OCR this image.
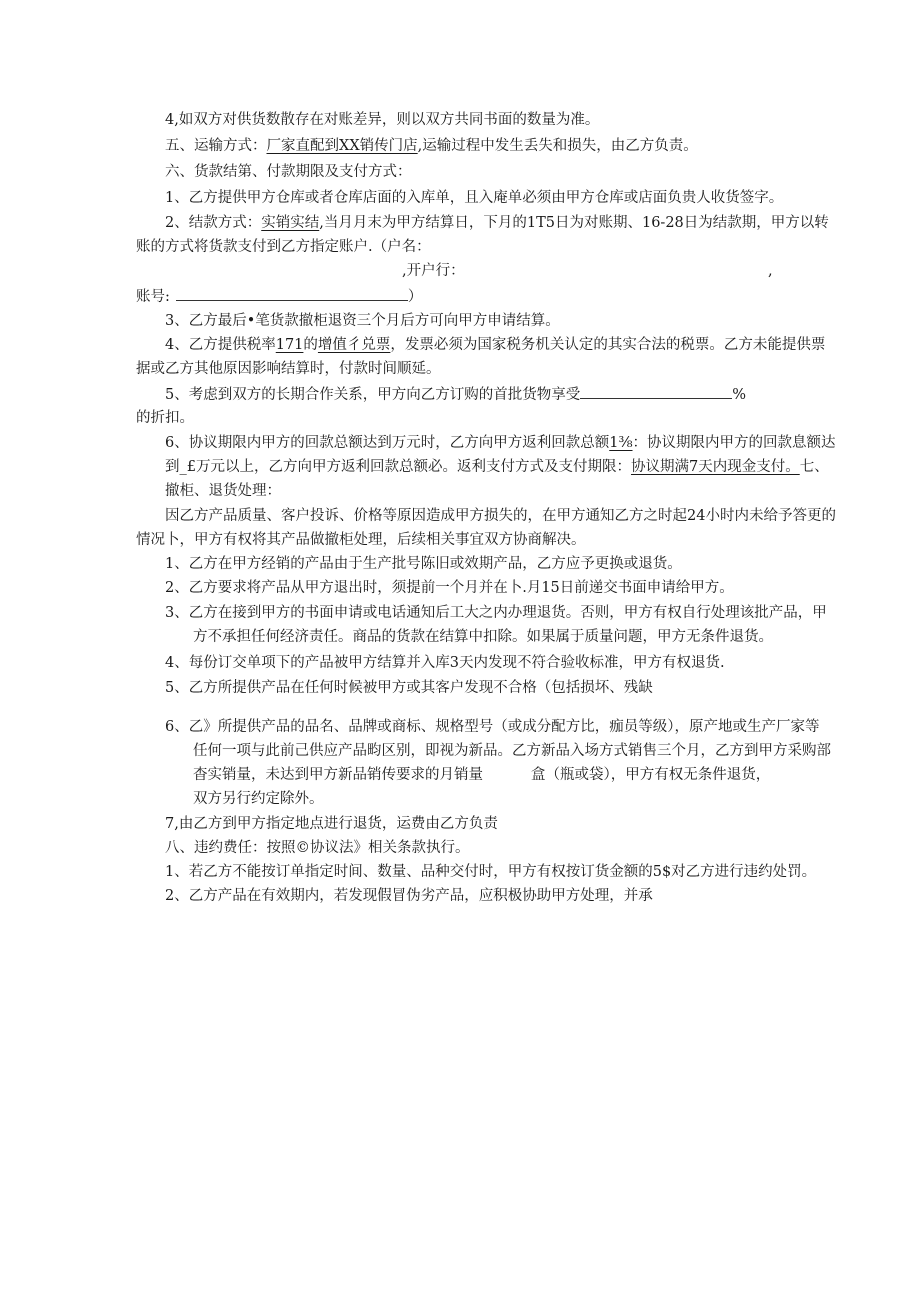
4,如双方对供货数散存在对账差异，则以双方共同书面的数量为准。
五、运输方式：厂家直配到XX销传门店,运输过程中发生丢失和损失，由乙方负责。
六、货款结第、付款期限及支付方式：
1、乙方提供甲方仓库或者仓库店面的入库单，且入庵单必须由甲方仓库或店面负贵人收货签字。
2、结款方式：实销实结,当月月末为甲方结算日，下月的1T5日为对账期、16-28日为结款期，甲方以转
账的方式将货款支付到乙方指定账户.（户名：
,开户行：	,
账号:	）
3、乙方最后•笔货款撤柜退资三个月后方可向甲方申请结算。
4、乙方提供税率171的增值彳兑票，发票必须为国家税务机关认定的其实合法的税票。乙方未能提供票
据或乙方其他原因影响结算时，付款时间顺延。
5、考虑到双方的长期合作关系，甲方向乙方订购的首批货物享受	%
的折扣。
6、协议期限内甲方的回款总额达到万元时，乙方向甲方返利回款总额1⅜：协议期限内甲方的回款息额达
到_£万元以上，乙方向甲方返利回款总额必。返利支付方式及支付期限：协议期满7天内现金支付。七、
撤柜、退货处理：
因乙方产品质量、客户投诉、价格等原因造成甲方损失的，在甲方通知乙方之时起24小时内未给予答更的
情况卜，甲方有权将其产品做撤柜处理，后续相关事宜双方协商解决。
1、乙方在甲方经销的产品由于生产批号陈旧或效期产品，乙方应予更换或退货。
2、乙方要求将产品从甲方退出时，须提前一个月并在卜.月15日前递交书面申请给甲方。
3、乙方在接到甲方的书面申请或电话通知后工大之内办理退货。否则，甲方有权自行处理该批产品，甲
方不承担任何经济责任。商品的货款在结算中扣除。如果属于质量问题，甲方无条件退货。
4、每份订交单项下的产品被甲方结算并入库3天内发现不符合验收标准，甲方有权退货.
5、乙方所提供产品在任何时候被甲方或其客户发现不合格（包括损坏、残缺
6、乙》所提供产品的品名、品牌或商标、规格型号（或成分配方比，痂员等级），原产地或生产厂家等
任何一项与此前己供应产品畇区别，即视为新品。乙方新品入场方式销售三个月，乙方到甲方采购部
杳实销量，未达到甲方新品销传要求的月销量	盒（瓶或袋），甲方有权无条件退货，
双方另行约定除外。
7,由乙方到甲方指定地点进行退货，运费由乙方负责
八、违约费任：按照©协议法》相关条款执行。
1、若乙方不能按订单指定时间、数量、品种交付时，甲方有权按订货金额的5$对乙方进行违约处罚。
2、乙方产品在有效期内，若发现假冒伪劣产品，应积极协助甲方处理，并承
